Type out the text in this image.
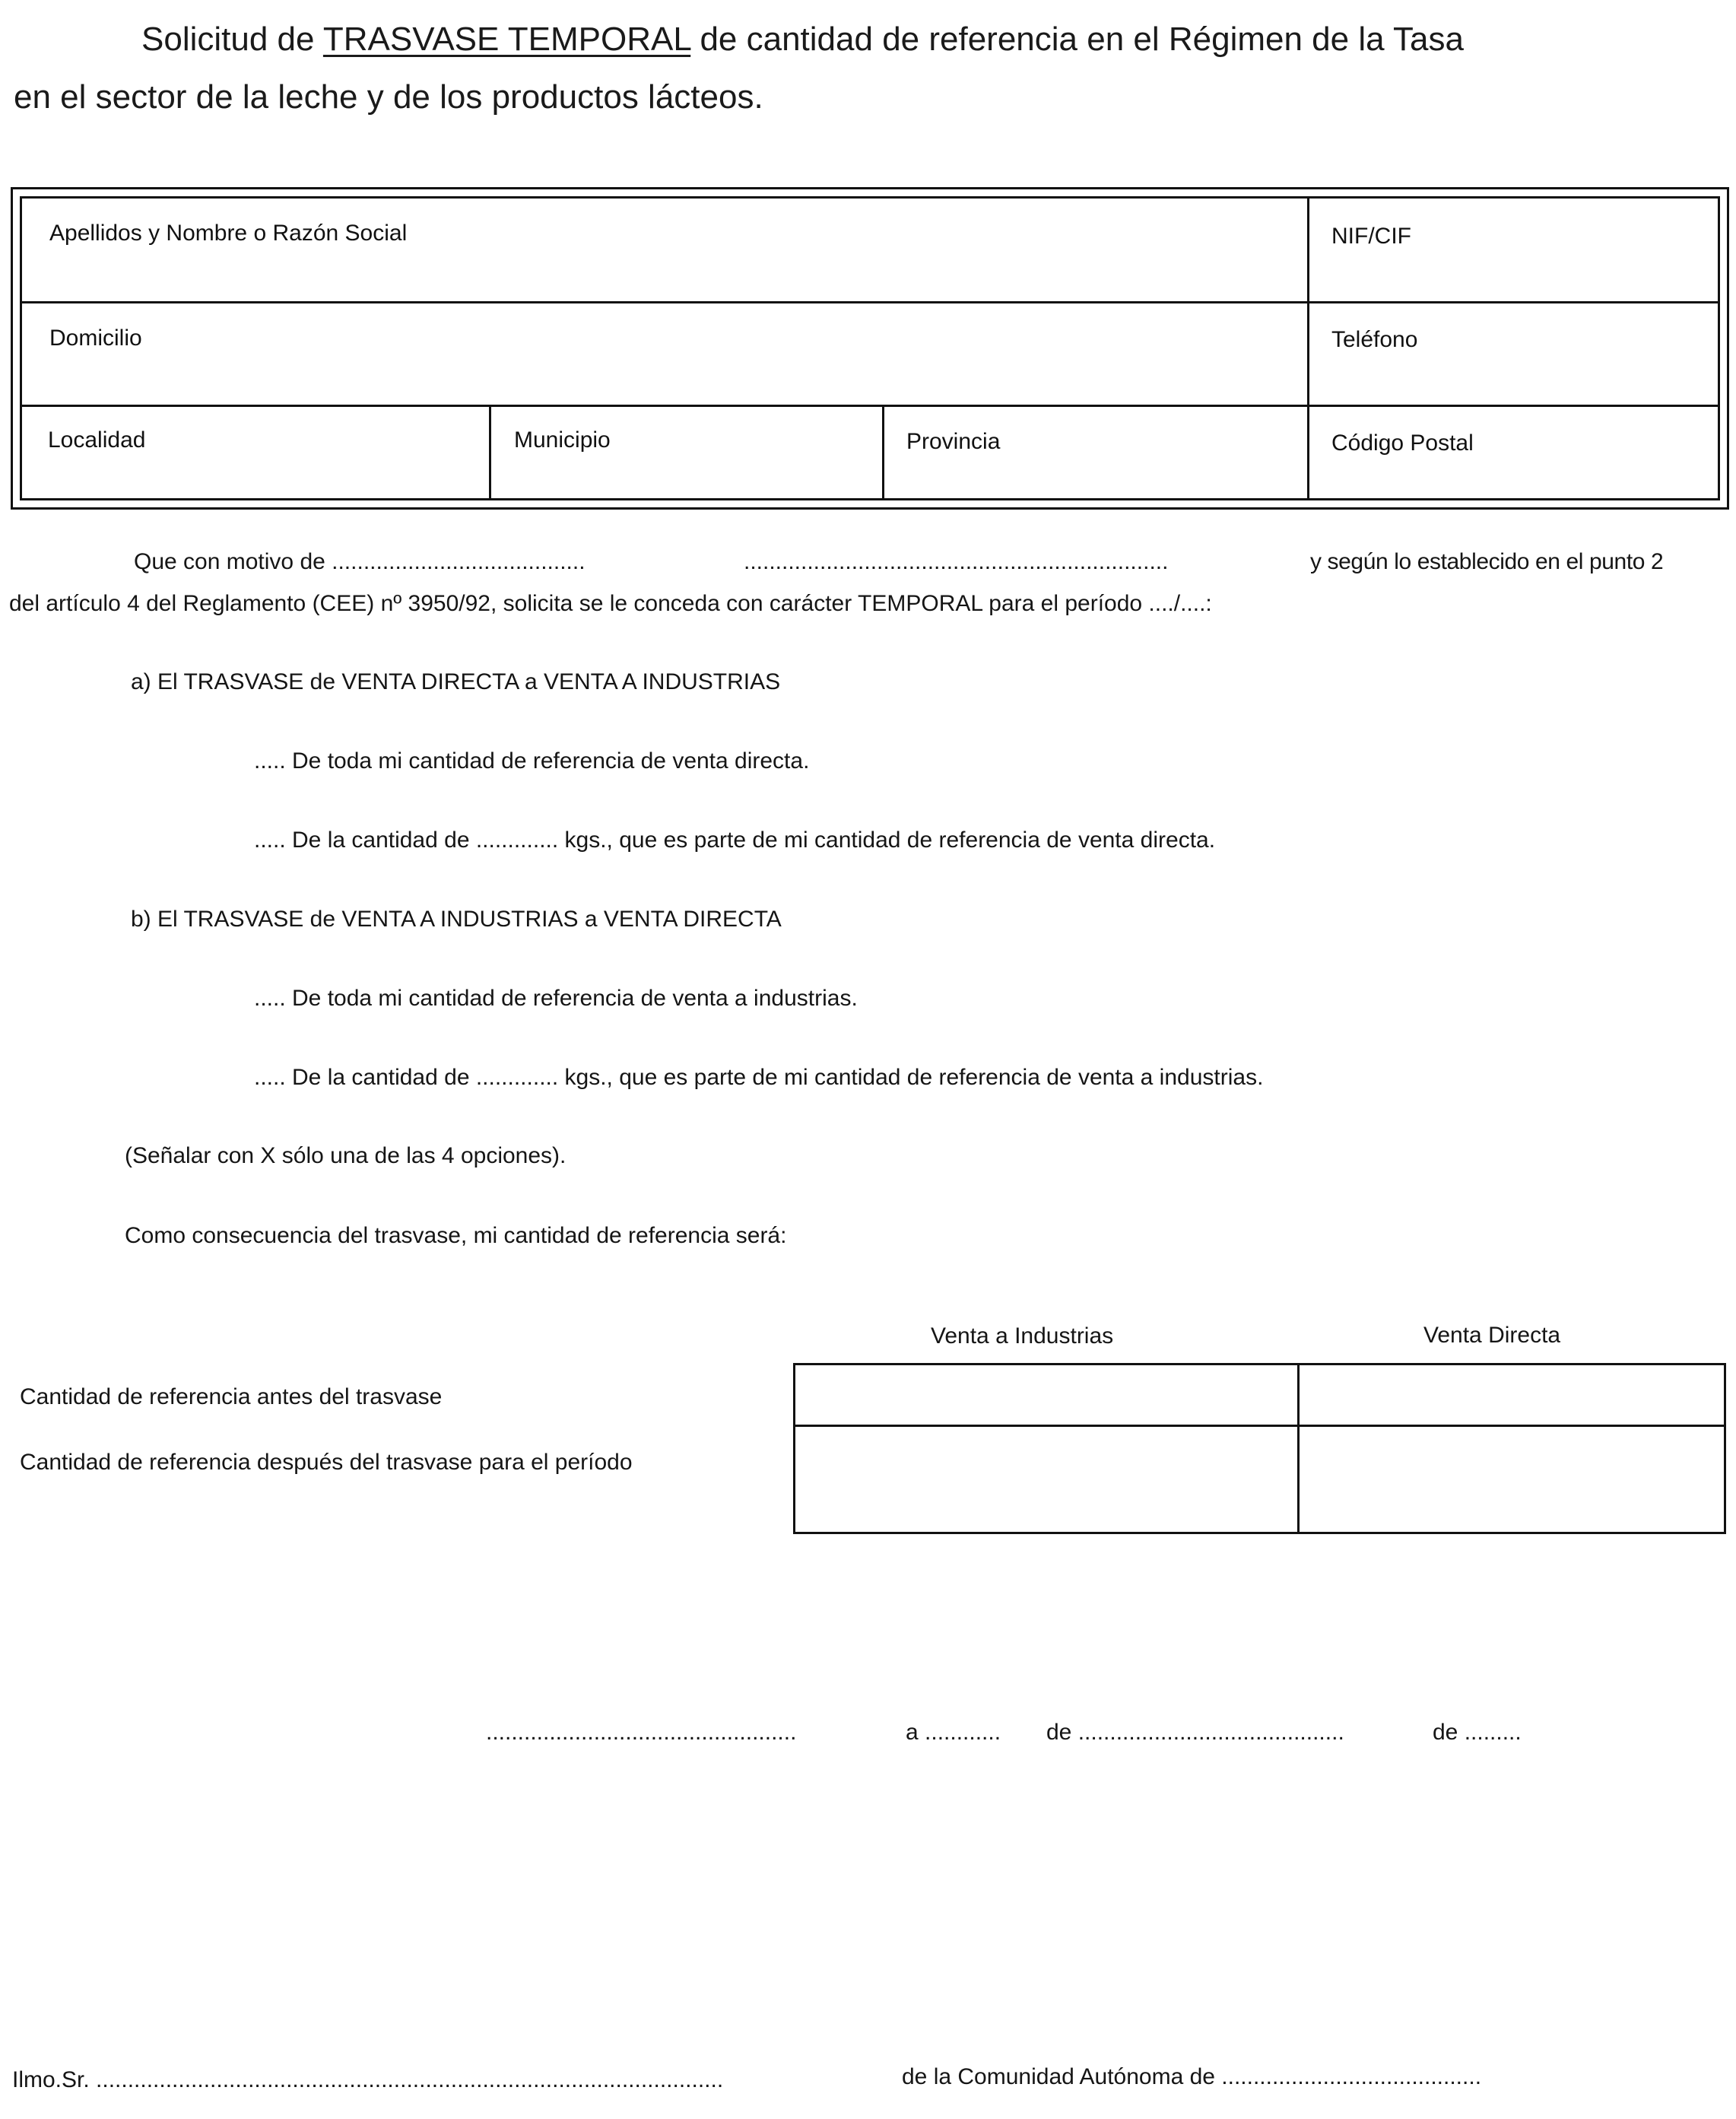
Solicitud de TRASVASE TEMPORAL de cantidad de referencia en el Régimen de la Tasa
en el sector de la leche y de los productos lácteos.
Apellidos y Nombre o Razón Social	NIF/CIF
Domicilio	Teléfono
Localidad	Municipio	Provincia	Código Postal
Que con motivo de ........................................	...................................................................	y según lo establecido en el punto 2
del artículo 4 del Reglamento (CEE) nº 3950/92, solicita se le conceda con carácter TEMPORAL para el período ..../....:
a) El TRASVASE de VENTA DIRECTA a VENTA A INDUSTRIAS
..... De toda mi cantidad de referencia de venta directa.
..... De la cantidad de ............. kgs., que es parte de mi cantidad de referencia de venta directa.
b) El TRASVASE de VENTA A INDUSTRIAS a VENTA DIRECTA
..... De toda mi cantidad de referencia de venta a industrias.
..... De la cantidad de ............. kgs., que es parte de mi cantidad de referencia de venta a industrias.
(Señalar con X sólo una de las 4 opciones).
Como consecuencia del trasvase, mi cantidad de referencia será:
Venta a Industrias	Venta Directa
Cantidad de referencia antes del trasvase
Cantidad de referencia después del trasvase para el período
.................................................	a ............ de ..........................................	de .........
Ilmo.Sr. ...................................................................................................	de la Comunidad Autónoma de .........................................
